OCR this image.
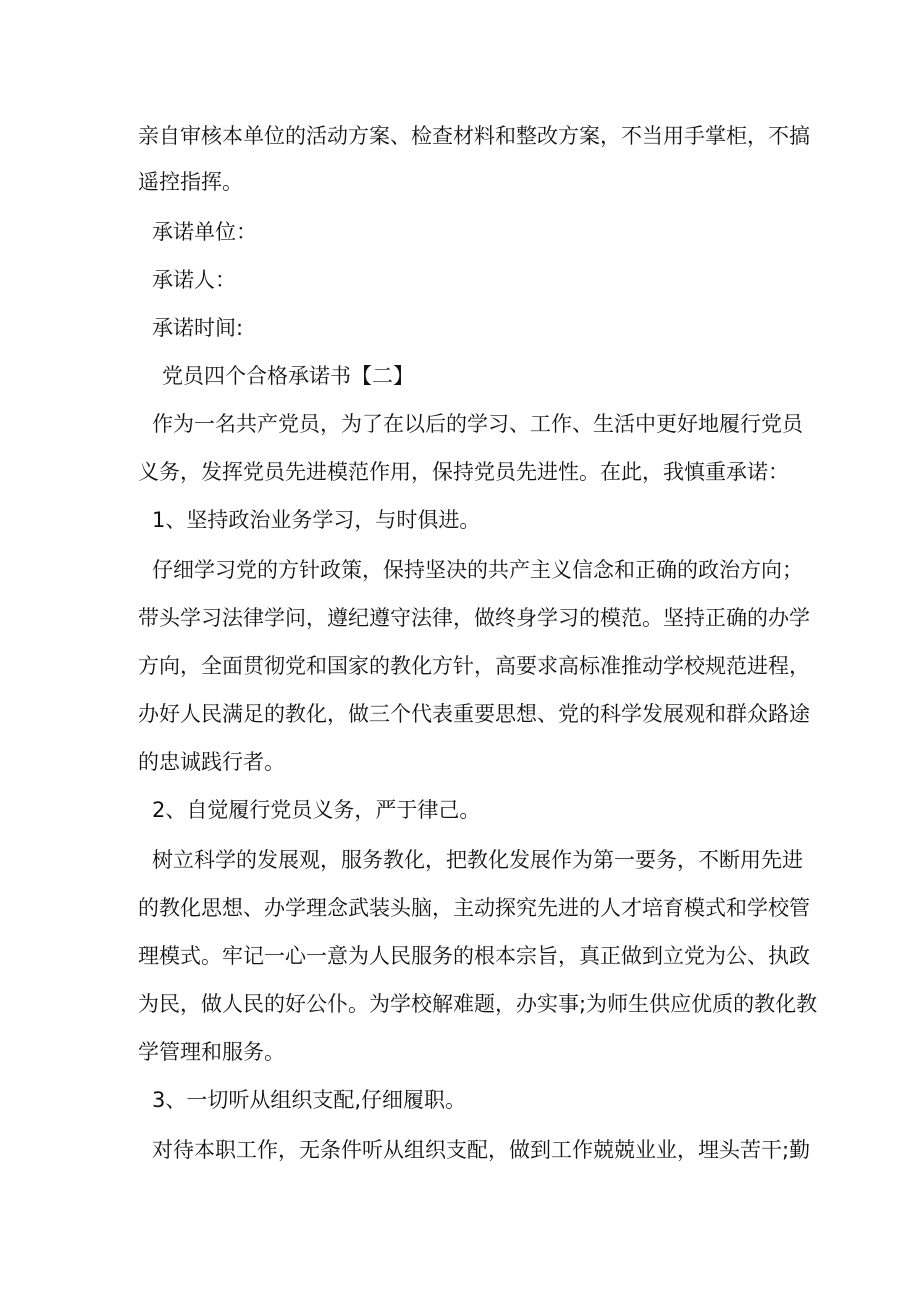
亲自审核本单位的活动方案、检查材料和整改方案，不当用手掌柜，不搞
遥控指挥。
承诺单位：
承诺人：
承诺时间:
党员四个合格承诺书【二】
作为一名共产党员，为了在以后的学习、工作、生活中更好地履行党员
义务，发挥党员先进模范作用，保持党员先进性。在此，我慎重承诺：
1、坚持政治业务学习，与时俱进。
仔细学习党的方针政策，保持坚决的共产主义信念和正确的政治方向；
带头学习法律学问，遵纪遵守法律，做终身学习的模范。坚持正确的办学
方向，全面贯彻党和国家的教化方针，高要求高标准推动学校规范进程，
办好人民满足的教化，做三个代表重要思想、党的科学发展观和群众路途
的忠诚践行者。
2、自觉履行党员义务，严于律己。
树立科学的发展观，服务教化，把教化发展作为第一要务，不断用先进
的教化思想、办学理念武装头脑，主动探究先进的人才培育模式和学校管
理模式。牢记一心一意为人民服务的根本宗旨，真正做到立党为公、执政
为民，做人民的好公仆。为学校解难题，办实事;为师生供应优质的教化教
学管理和服务。
3、一切听从组织支配,仔细履职。
对待本职工作，无条件听从组织支配，做到工作兢兢业业，埋头苦干;勤
